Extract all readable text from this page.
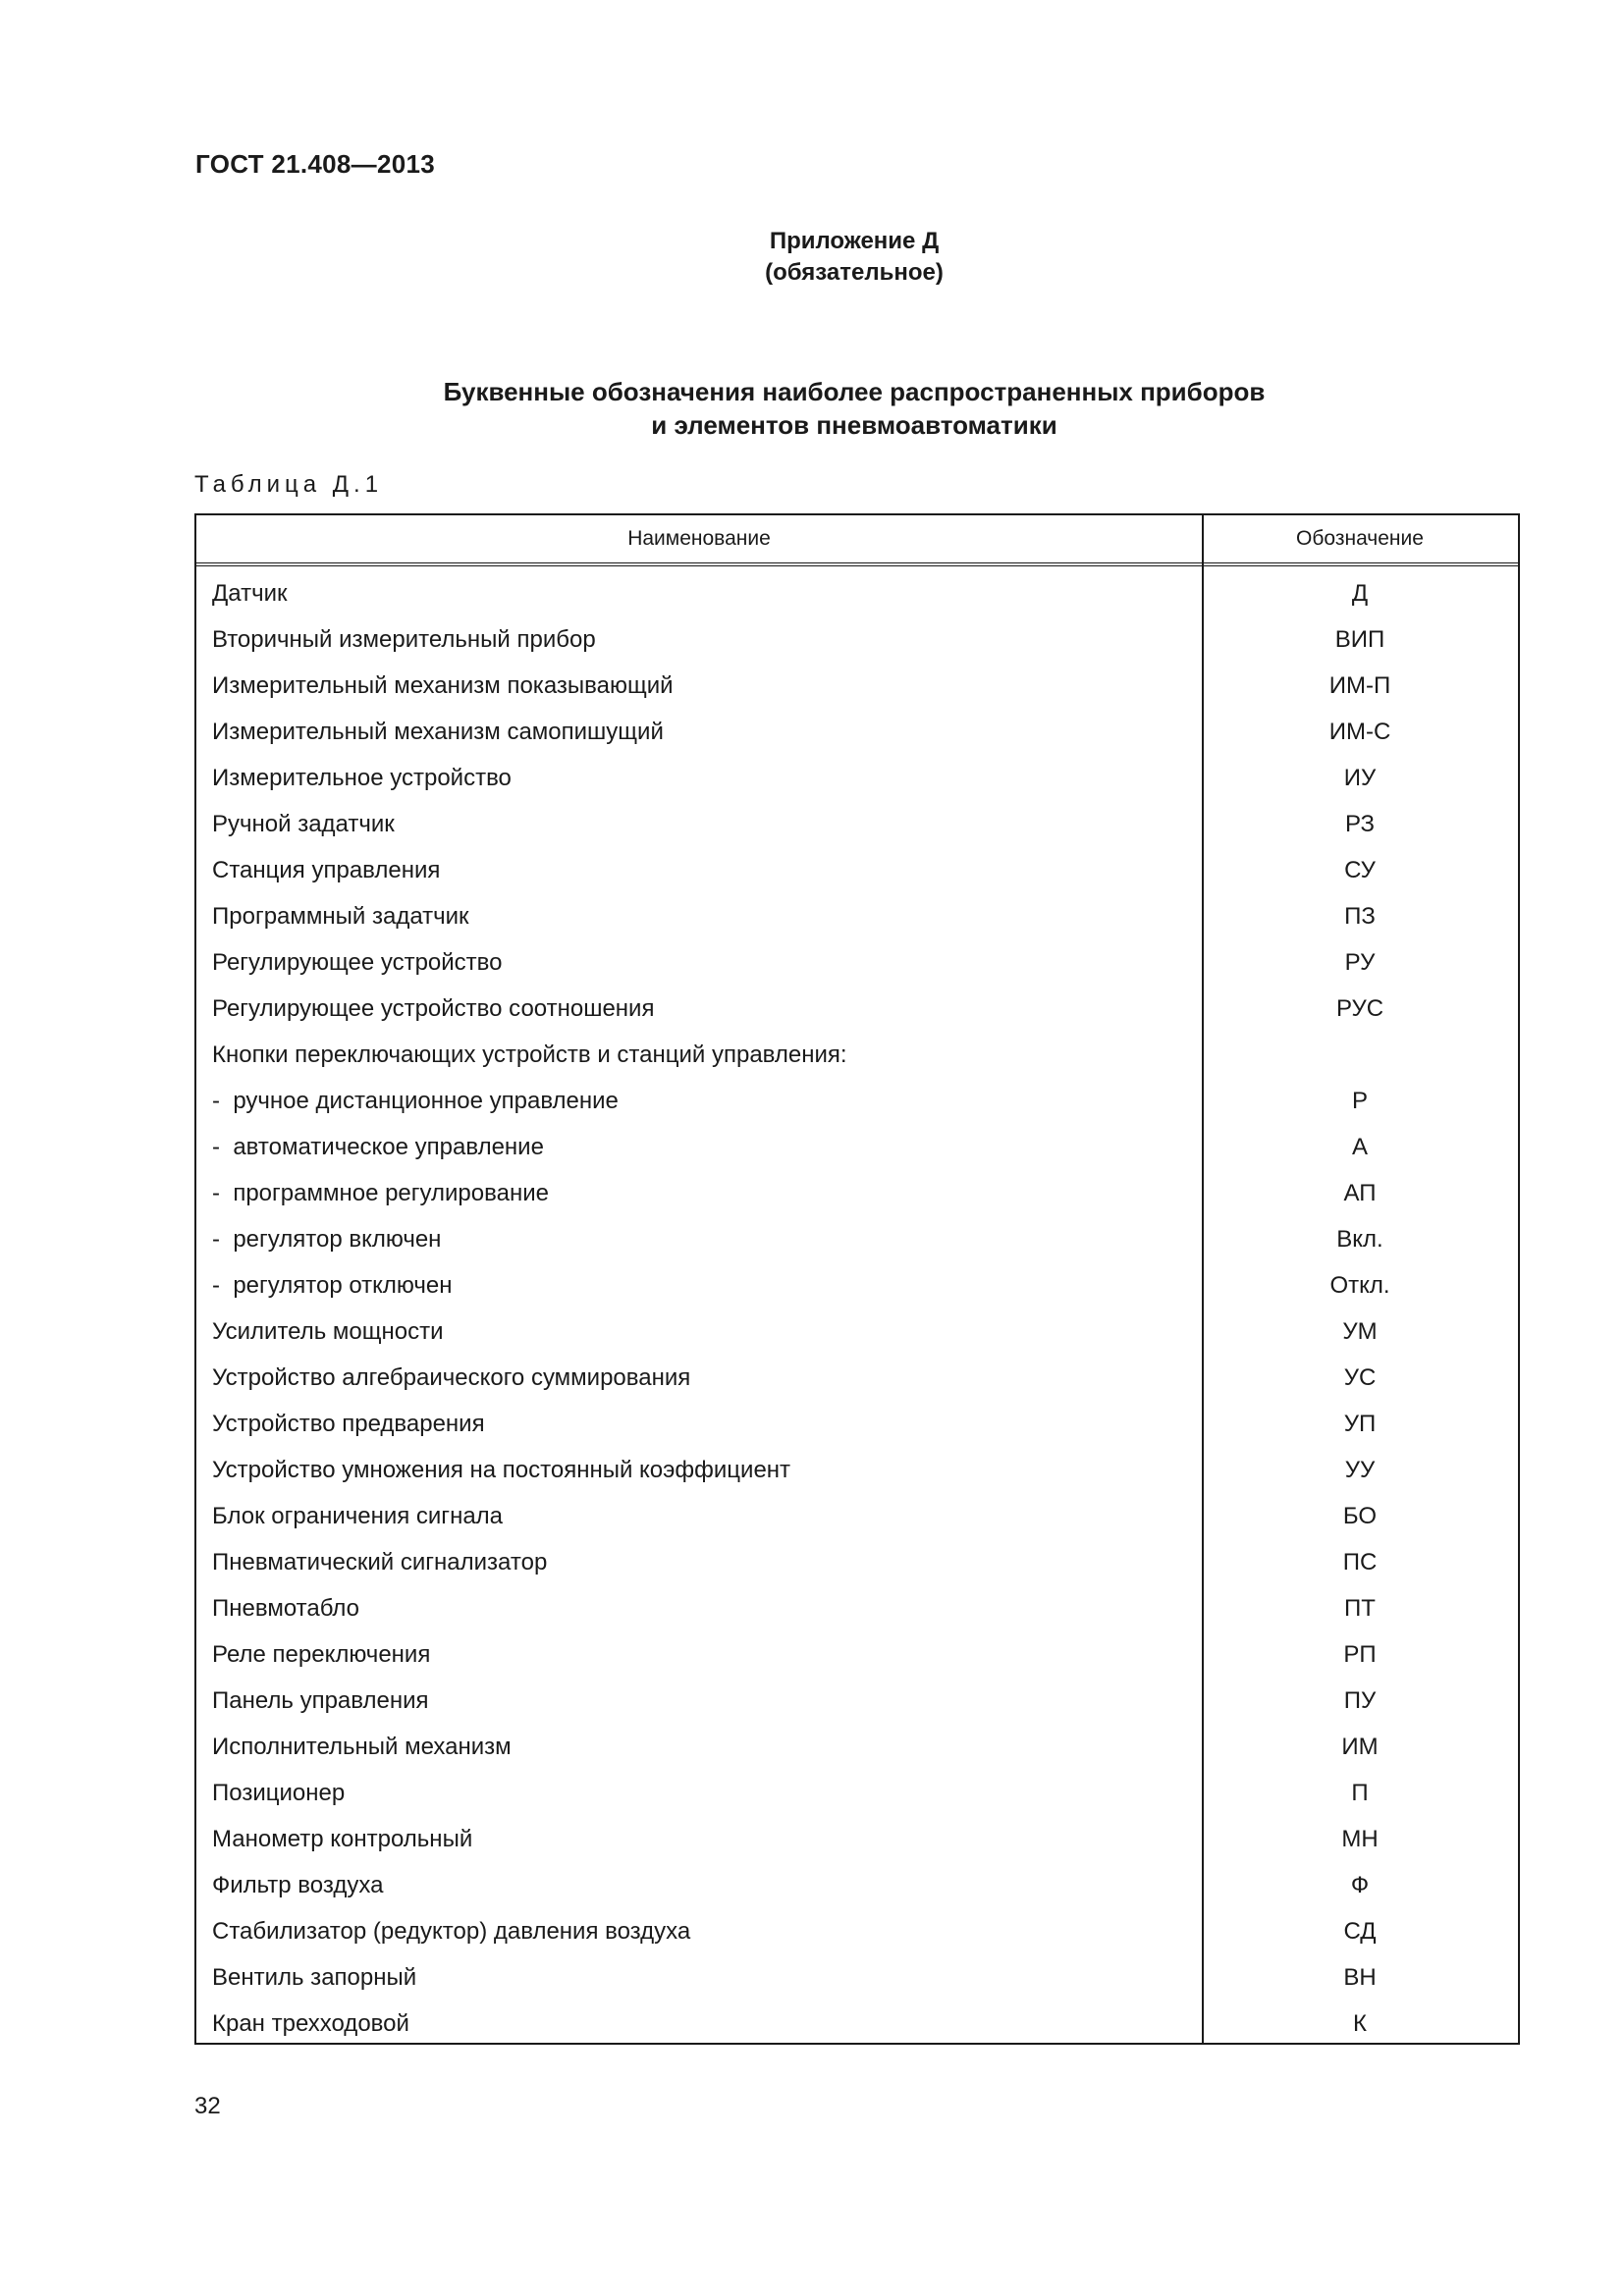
ГОСТ 21.408—2013
Приложение Д
(обязательное)
Буквенные обозначения наиболее распространенных приборов
и элементов пневмоавтоматики
Таблица Д.1
Наименование	Обозначение
Датчик	Д
Вторичный измерительный прибор	ВИП
Измерительный механизм показывающий	ИМ-П
Измерительный механизм самопишущий	ИМ-С
Измерительное устройство	ИУ
Ручной задатчик	РЗ
Станция управления	СУ
Программный задатчик	ПЗ
Регулирующее устройство	РУ
Регулирующее устройство соотношения	РУС
Кнопки переключающих устройств и станций управления:
- ручное дистанционное управление	Р
- автоматическое управление	А
- программное регулирование	АП
- регулятор включен	Вкл.
- регулятор отключен	Откл.
Усилитель мощности	УМ
Устройство алгебраического суммирования	УС
Устройство предварения	УП
Устройство умножения на постоянный коэффициент	УУ
Блок ограничения сигнала	БО
Пневматический сигнализатор	ПС
Пневмотабло	ПТ
Реле переключения	РП
Панель управления	ПУ
Исполнительный механизм	ИМ
Позиционер	П
Манометр контрольный	МН
Фильтр воздуха	Ф
Стабилизатор (редуктор) давления воздуха	СД
Вентиль запорный	ВН
Кран трехходовой	К
32
